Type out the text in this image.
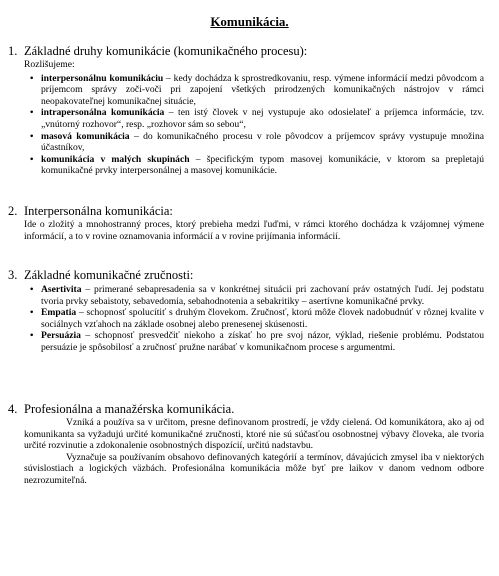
Komunikácia.
1. Základné druhy komunikácie (komunikačného procesu):
Rozlišujeme:
• interpersonálnu komunikáciu – kedy dochádza k sprostredkovaniu, resp. výmene informácií medzi pôvodcom a príjemcom správy zoči-voči pri zapojení všetkých prirodzených komunikačných nástrojov v rámci neopakovateľnej komunikačnej situácie,
• intrapersonálna komunikácia – ten istý človek v nej vystupuje ako odosielateľ a príjemca informácie, tzv. „vnútorný rozhovor“, resp. „rozhovor sám so sebou“,
• masová komunikácia – do komunikačného procesu v role pôvodcov a príjemcov správy vystupuje množina účastníkov,
• komunikácia v malých skupinách – špecifickým typom masovej komunikácie, v ktorom sa prepletajú komunikačné prvky interpersonálnej a masovej komunikácie.
2. Interpersonálna komunikácia:
Ide o zložitý a mnohostranný proces, ktorý prebieha medzi ľuďmi, v rámci ktorého dochádza k vzájomnej výmene informácií, a to v rovine oznamovania informácií a v rovine prijímania informácií.
3. Základné komunikačné zručnosti:
• Asertivita – primerané sebapresadenia sa v konkrétnej situácii pri zachovaní práv ostatných ľudí. Jej podstatu tvoria prvky sebaistoty, sebavedomia, sebahodnotenia a sebakritiky – asertívne komunikačné prvky.
• Empatia – schopnosť spolucítiť s druhým človekom. Zručnosť, ktorú môže človek nadobudnúť v rôznej kvalite v sociálnych vzťahoch na základe osobnej alebo prenesenej skúsenosti.
• Persuázia – schopnosť presvedčiť niekoho a získať ho pre svoj názor, výklad, riešenie problému. Podstatou persuázie je spôsobilosť a zručnosť pružne narábať v komunikačnom procese s argumentmi.
4. Profesionálna a manažérska komunikácia.
Vzniká a používa sa v určitom, presne definovanom prostredí, je vždy cielená. Od komunikátora, ako aj od komunikanta sa vyžadujú určité komunikačné zručnosti, ktoré nie sú súčasťou osobnostnej výbavy človeka, ale tvoria určité rozvinutie a zdokonalenie osobnostných dispozícií, určitú nadstavbu.
Vyznačuje sa používaním obsahovo definovaných kategórií a termínov, dávajúcich zmysel iba v niektorých súvislostiach a logických väzbách. Profesionálna komunikácia môže byť pre laikov v danom vednom odbore nezrozumiteľná.
